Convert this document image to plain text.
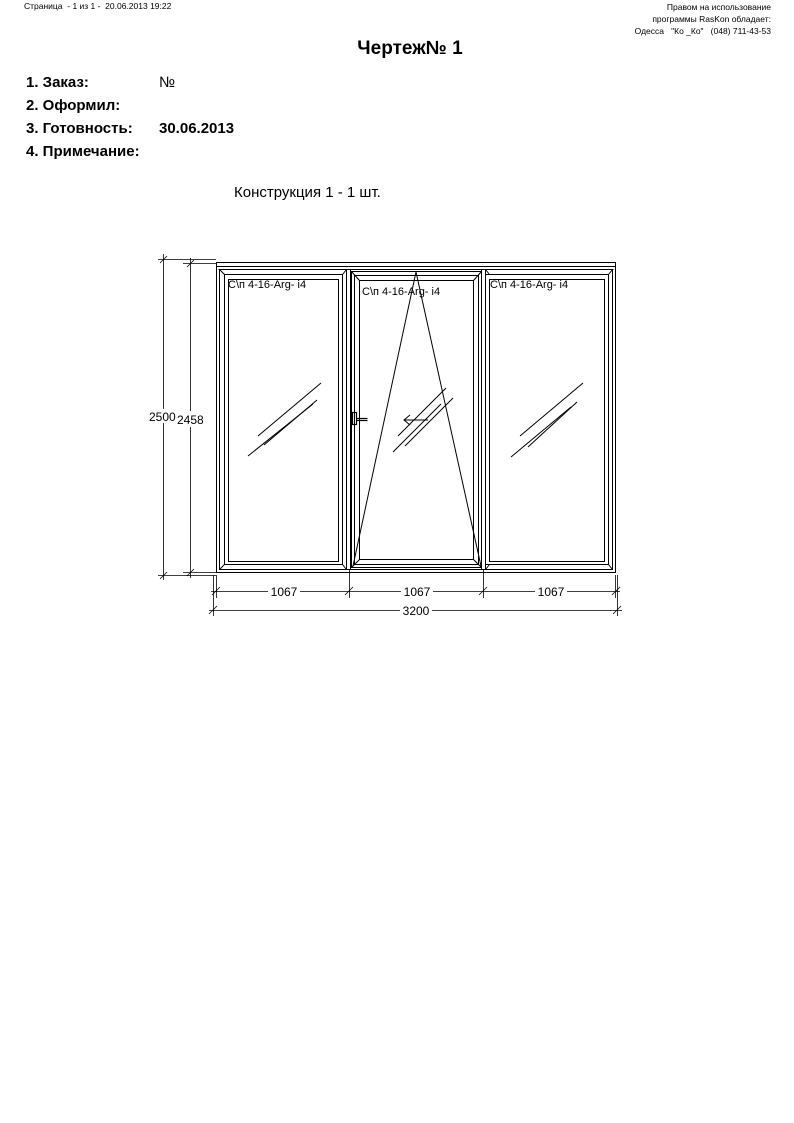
Страница  - 1 из 1 -  20.06.2013 19:22	Правом на использование
программы RasKon обладает:
Одесса   "Ко _Ко"   (048) 711-43-53
Чертеж№ 1
1. Заказ:	№
2. Оформил:
3. Готовность: 30.06.2013
4. Примечание:
Конструкция 1 - 1 шт.
С\п 4-16-Arg- i4
С\п 4-16-Arg- i4
С\п 4-16-Arg- i4
2500 2458
1067	1067	1067
3200
